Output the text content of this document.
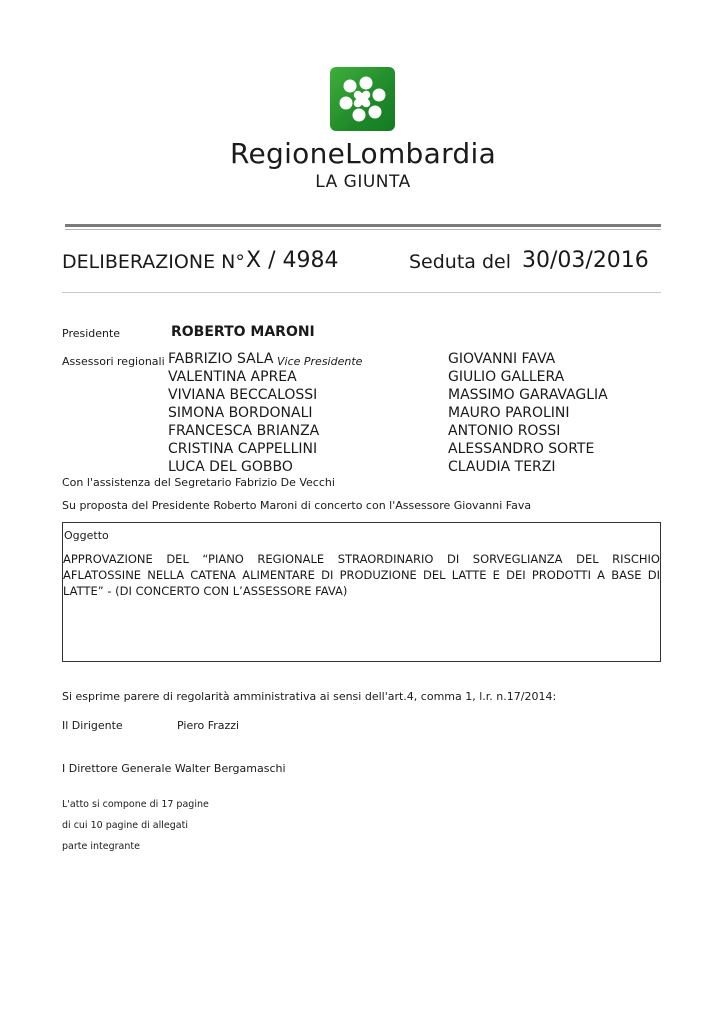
RegioneLombardia
LA GIUNTA
DELIBERAZIONE N° X / 4984	Seduta del 30/03/2016
Presidente	ROBERTO MARONI
Assessori regionali FABRIZIO SALA Vice Presidente
VALENTINA APREA
VIVIANA BECCALOSSI
SIMONA BORDONALI
FRANCESCA BRIANZA
CRISTINA CAPPELLINI
LUCA DEL GOBBO
GIOVANNI FAVA
GIULIO GALLERA
MASSIMO GARAVAGLIA
MAURO PAROLINI
ANTONIO ROSSI
ALESSANDRO SORTE
CLAUDIA TERZI
Con l'assistenza del Segretario Fabrizio De Vecchi
Su proposta del Presidente Roberto Maroni di concerto con l'Assessore Giovanni Fava
Oggetto
APPROVAZIONE DEL “PIANO REGIONALE STRAORDINARIO DI SORVEGLIANZA DEL RISCHIO AFLATOSSINE NELLA CATENA ALIMENTARE DI PRODUZIONE DEL LATTE E DEI PRODOTTI A BASE DI LATTE” - (DI CONCERTO CON L’ASSESSORE FAVA)
Si esprime parere di regolarità amministrativa ai sensi dell'art.4, comma 1, l.r. n.17/2014:
Il Dirigente	Piero Frazzi
I Direttore Generale Walter Bergamaschi
L'atto si compone di 17 pagine
di cui 10 pagine di allegati
parte integrante
